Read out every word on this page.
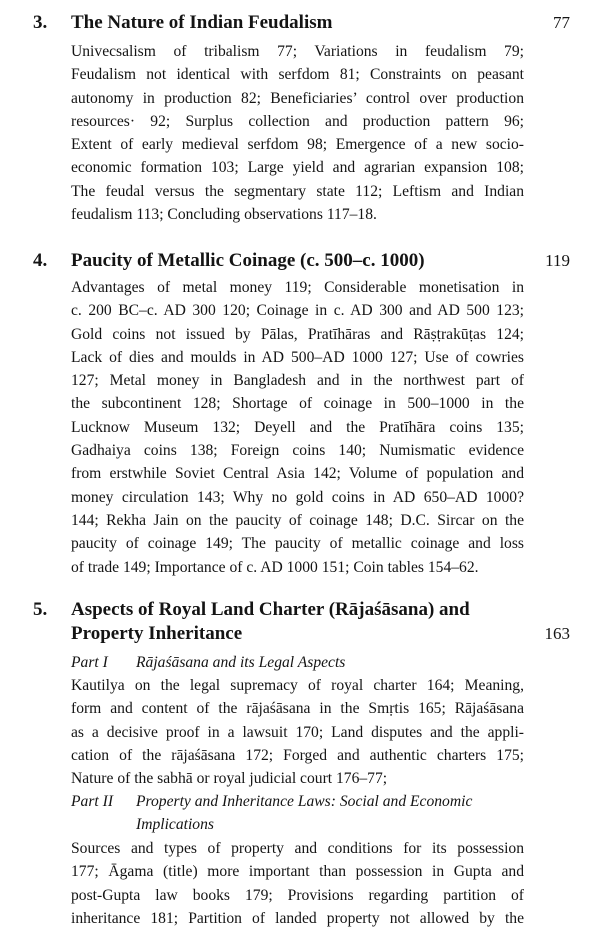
3. The Nature of Indian Feudalism	77
Univecsalism of tribalism 77; Variations in feudalism 79;
Feudalism not identical with serfdom 81; Constraints on peasant
autonomy in production 82; Beneficiaries’ control over production
resources· 92; Surplus collection and production pattern 96;
Extent of early medieval serfdom 98; Emergence of a new socio-
economic formation 103; Large yield and agrarian expansion 108;
The feudal versus the segmentary state 112; Leftism and Indian
feudalism 113; Concluding observations 117–18.
4. Paucity of Metallic Coinage (c. 500–c. 1000)	119
Advantages of metal money 119; Considerable monetisation in
c. 200 BC–c. AD 300 120; Coinage in c. AD 300 and AD 500 123;
Gold coins not issued by Pālas, Pratīhāras and Rāṣṭrakūṭas 124;
Lack of dies and moulds in AD 500–AD 1000 127; Use of cowries
127; Metal money in Bangladesh and in the northwest part of
the subcontinent 128; Shortage of coinage in 500–1000 in the
Lucknow Museum 132; Deyell and the Pratīhāra coins 135;
Gadhaiya coins 138; Foreign coins 140; Numismatic evidence
from erstwhile Soviet Central Asia 142; Volume of population and
money circulation 143; Why no gold coins in AD 650–AD 1000?
144; Rekha Jain on the paucity of coinage 148; D.C. Sircar on the
paucity of coinage 149; The paucity of metallic coinage and loss
of trade 149; Importance of c. AD 1000 151; Coin tables 154–62.
5. Aspects of Royal Land Charter (Rājaśāsana) and
Property Inheritance	163
Part I Rājaśāsana and its Legal Aspects
Kautilya on the legal supremacy of royal charter 164; Meaning,
form and content of the rājaśāsana in the Smṛtis 165; Rājaśāsana
as a decisive proof in a lawsuit 170; Land disputes and the appli-
cation of the rājaśāsana 172; Forged and authentic charters 175;
Nature of the sabhā or royal judicial court 176–77;
Part II Property and Inheritance Laws: Social and Economic
Implications
Sources and types of property and conditions for its possession
177; Āgama (title) more important than possession in Gupta and
post-Gupta law books 179; Provisions regarding partition of
inheritance 181; Partition of landed property not allowed by the
